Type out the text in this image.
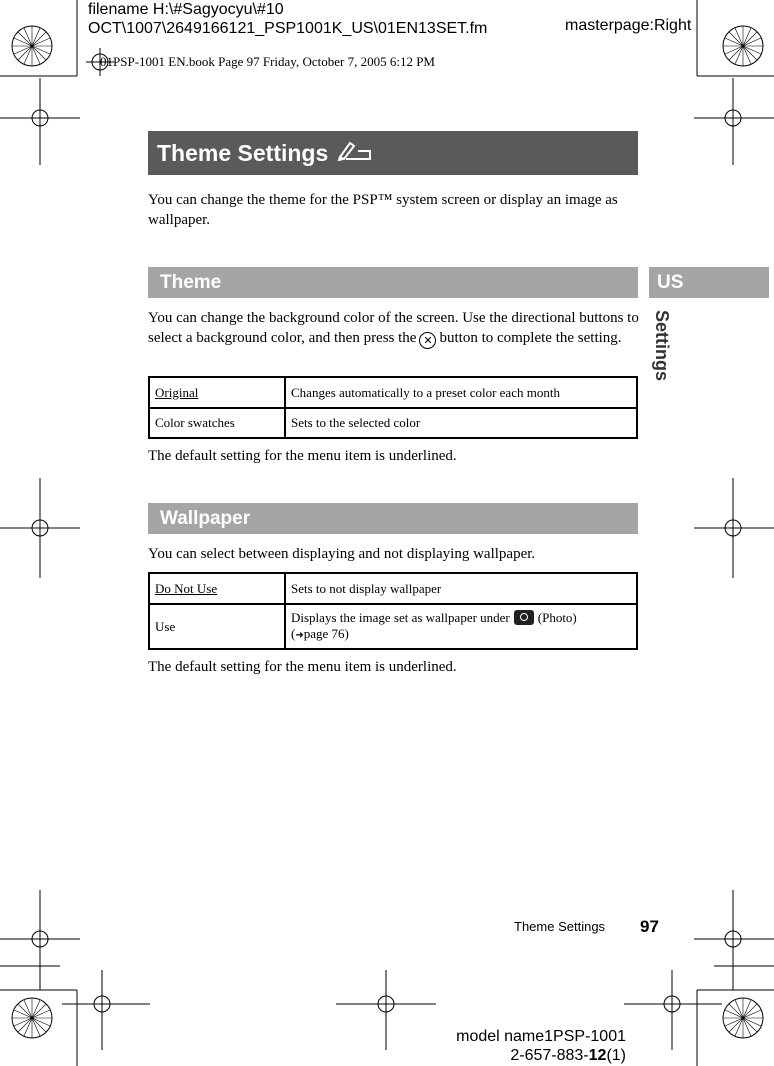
filename H:\#Sagyocyu\#10
OCT\1007\2649166121_PSP1001K_US\01EN13SET.fm	masterpage:Right
01PSP-1001 EN.book Page 97 Friday, October 7, 2005 6:12 PM
Theme Settings
You can change the theme for the PSP™ system screen or display an image as wallpaper.
US
Settings
Theme
You can change the background color of the screen. Use the directional buttons to select a background color, and then press the ✕ button to complete the setting.
Original	Changes automatically to a preset color each month
Color swatches	Sets to the selected color
The default setting for the menu item is underlined.
Wallpaper
You can select between displaying and not displaying wallpaper.
Do Not Use	Sets to not display wallpaper
Use	Displays the image set as wallpaper under (Photo)
(➜page 76)
The default setting for the menu item is underlined.
Theme Settings 97
model name1PSP-1001
2-657-883-12(1)
